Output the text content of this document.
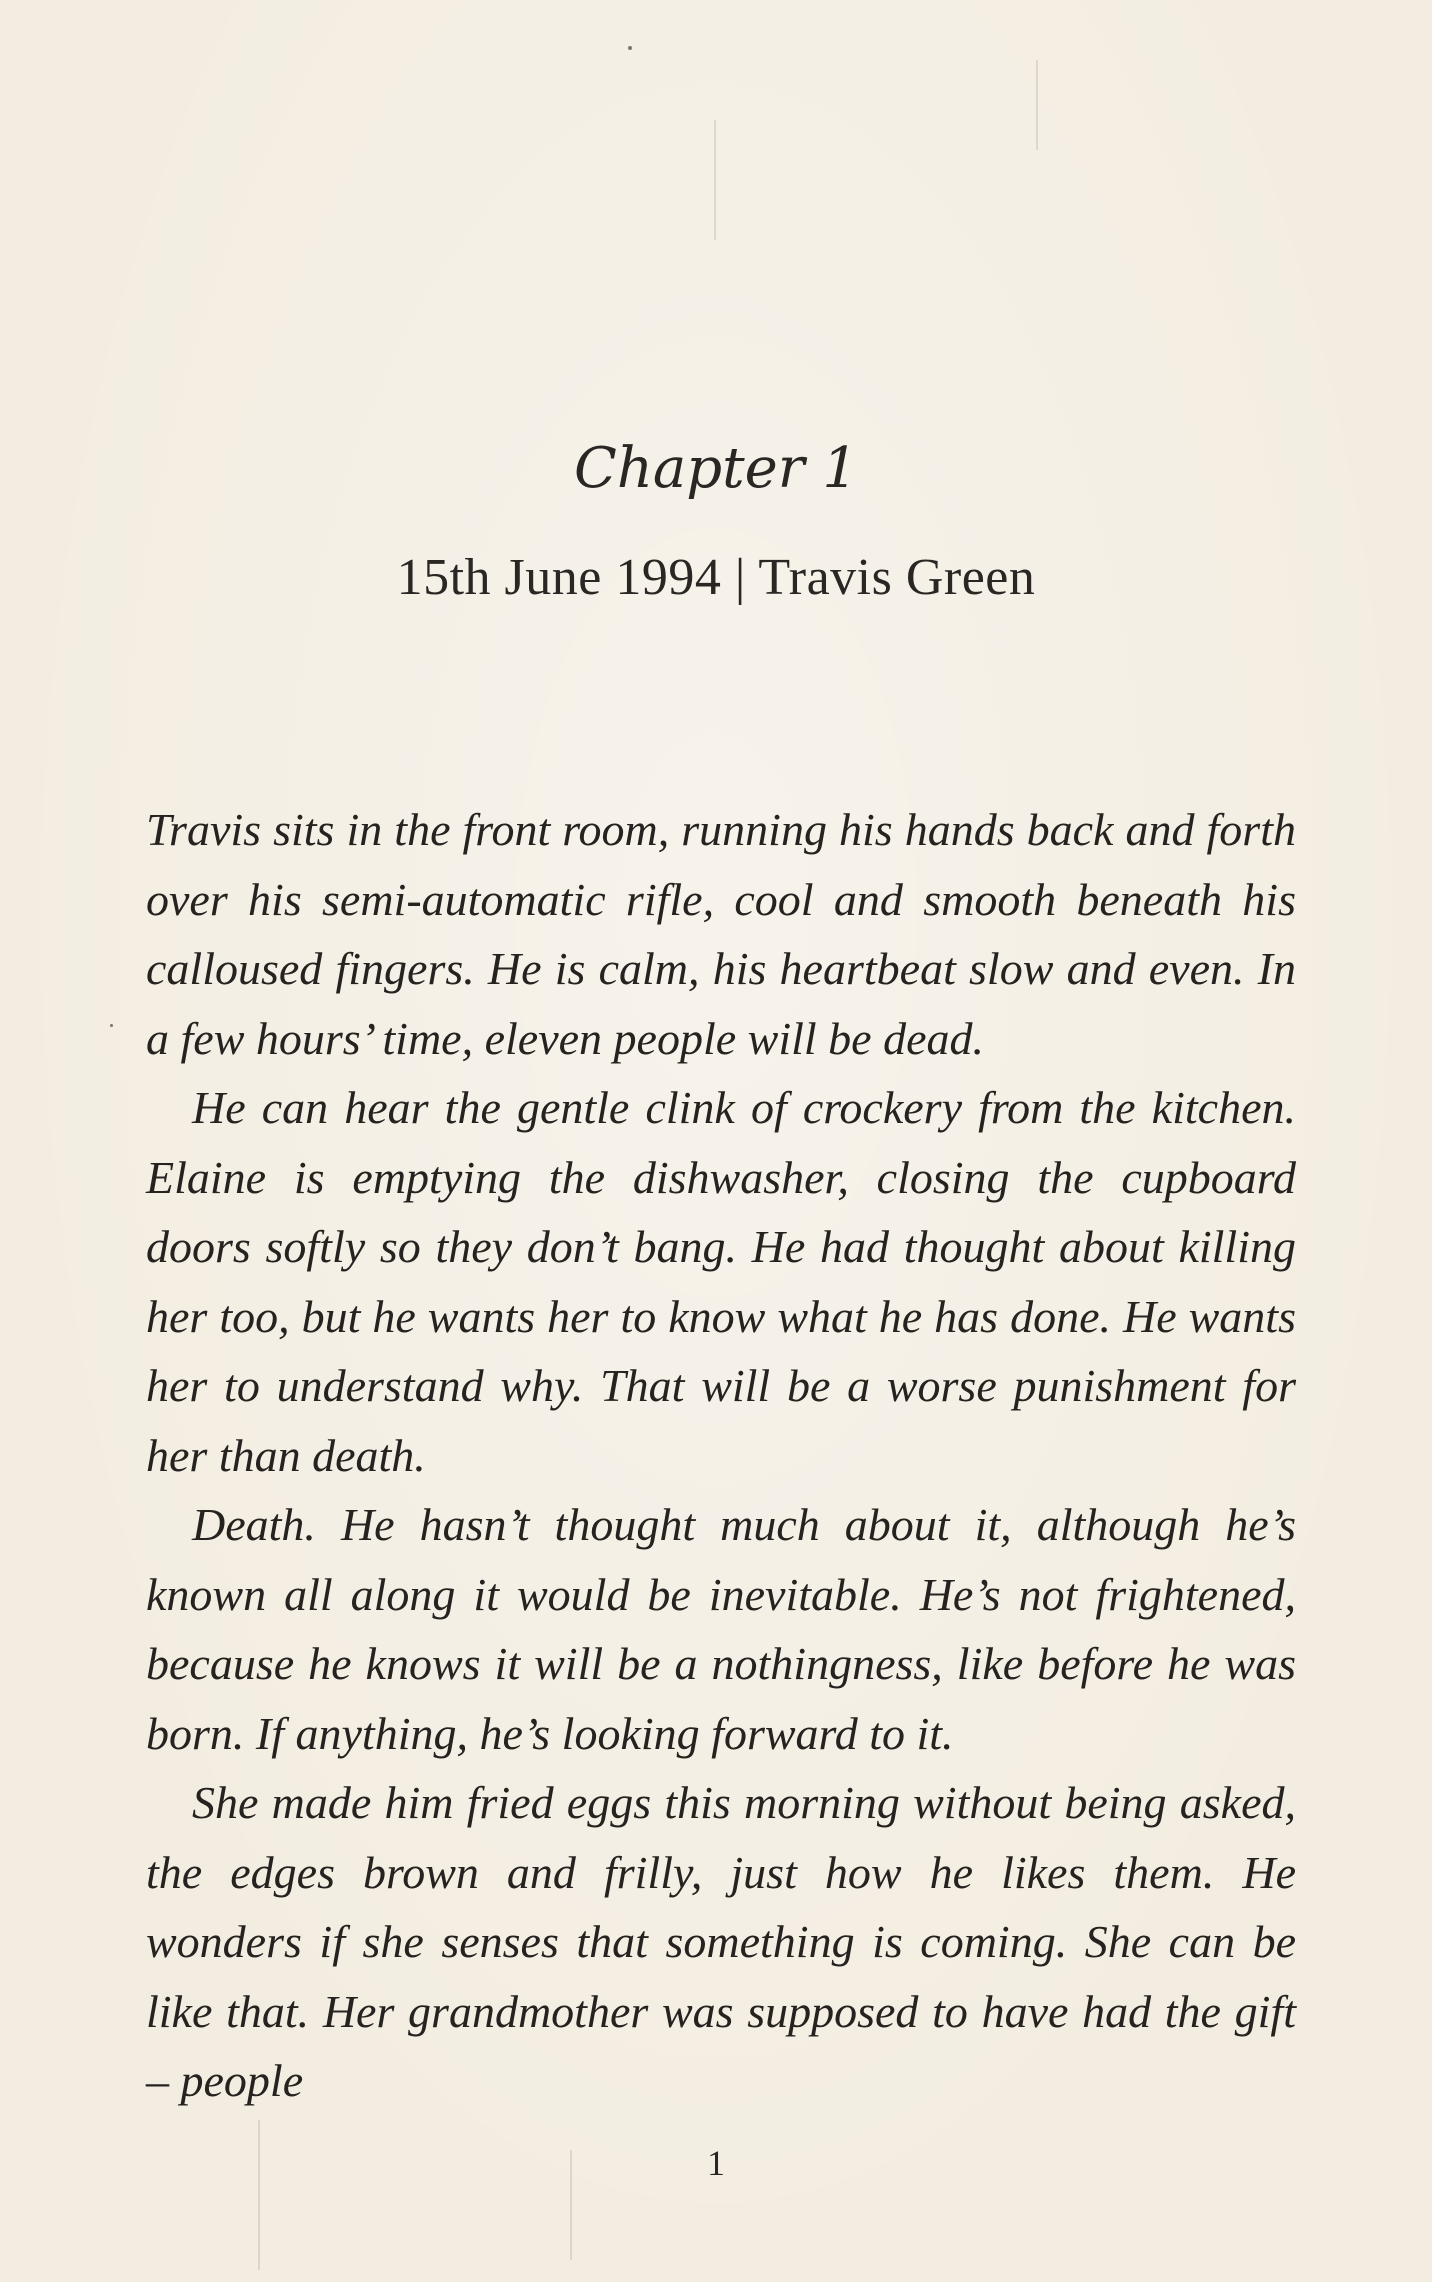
Chapter 1
15th June 1994 | Travis Green

Travis sits in the front room, running his hands back and forth over his semi-automatic rifle, cool and smooth beneath his calloused fingers. He is calm, his heartbeat slow and even. In a few hours’ time, eleven people will be dead.

He can hear the gentle clink of crockery from the kitchen. Elaine is emptying the dishwasher, closing the cupboard doors softly so they don’t bang. He had thought about killing her too, but he wants her to know what he has done. He wants her to understand why. That will be a worse punishment for her than death.

Death. He hasn’t thought much about it, although he’s known all along it would be inevitable. He’s not frightened, because he knows it will be a nothingness, like before he was born. If anything, he’s looking forward to it.

She made him fried eggs this morning without being asked, the edges brown and frilly, just how he likes them. He wonders if she senses that something is coming. She can be like that. Her grandmother was supposed to have had the gift – people

1
